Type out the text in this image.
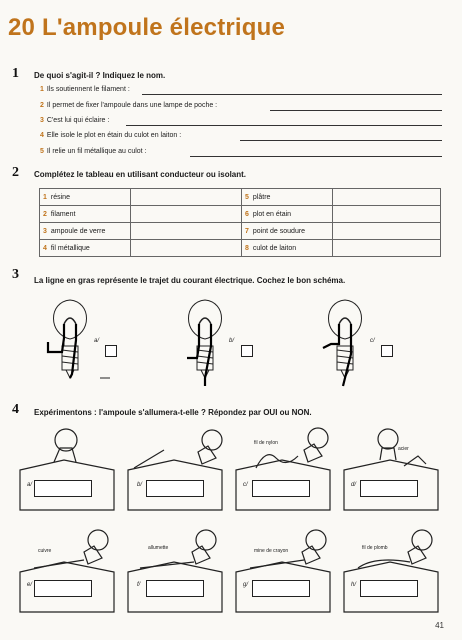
20 L'ampoule électrique
1 De quoi s'agit-il ? Indiquez le nom.
1 Ils soutiennent le filament :
2 Il permet de fixer l'ampoule dans une lampe de poche :
3 C'est lui qui éclaire :
4 Elle isole le plot en étain du culot en laiton :
5 Il relie un fil métallique au culot :
2 Complétez le tableau en utilisant conducteur ou isolant.
1 résine		5 plâtre	
2 filament		6 plot en étain	
3 ampoule de verre		7 point de soudure	
4 fil métallique		8 culot de laiton	
3 La ligne en gras représente le trajet du courant électrique. Cochez le bon schéma.
a/	b/	c/
4 Expérimentons : l'ampoule s'allumera-t-elle ? Répondez par OUI ou NON.
a/	b/	c/	d/
fil de nylon
acier
e/	f/	g/	h/
cuivre	allumette	mine de crayon	fil de plomb
41
